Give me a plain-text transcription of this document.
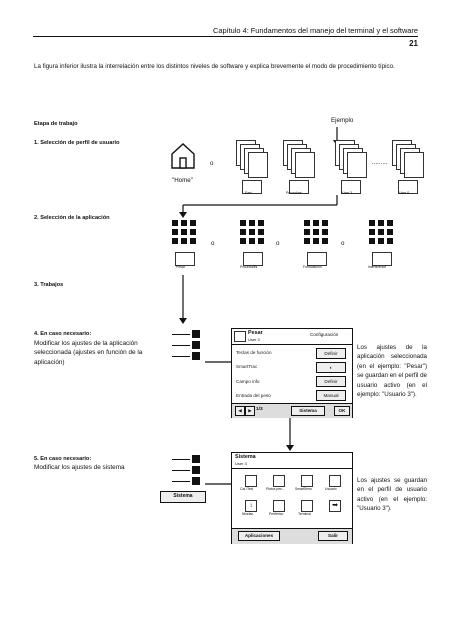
Capítulo 4: Fundamentos del manejo del terminal y el software
21
La figura inferior ilustra la interrelación entre los distintos niveles de software y explica brevemente el modo de procedimiento típico.
Etapa de trabajo	Ejemplo
1. Selección de perfil de usuario
2. Selección de la aplicación
3. Trabajos
4. En caso necesario:
Modificar los ajustes de la aplicación seleccionada (ajustes en función de la aplicación)
5. En caso necesario:
Modificar los ajustes de sistema
"Home"
o
Fast	Procedure	User 3
.........
User 8
Pesar
o
Procedures
o
Formulacion
o
Interference
Pesar
User 3
Configuración
Teclas de función	Definir
SmartTrac	◐
Campo info	Definir
Entrada del peso	Manual
◀	▶ 1/3	Sistema	OK
Los ajustes de la aplicación seleccionada (en el ejemplo: "Pesar") se guardan en el perfil de usuario activo (en el ejemplo: "Usuario 3").
Sistema
Sistema
User 3
Cal./Test	Platos pes...	SmartSens	Usuario
↕
Nivelac.	Periférico	Terminal
➡
Aplicaciones	Salir
Los ajustes se guardan en el perfil de usuario activo (en el ejemplo: "Usuario 3").
